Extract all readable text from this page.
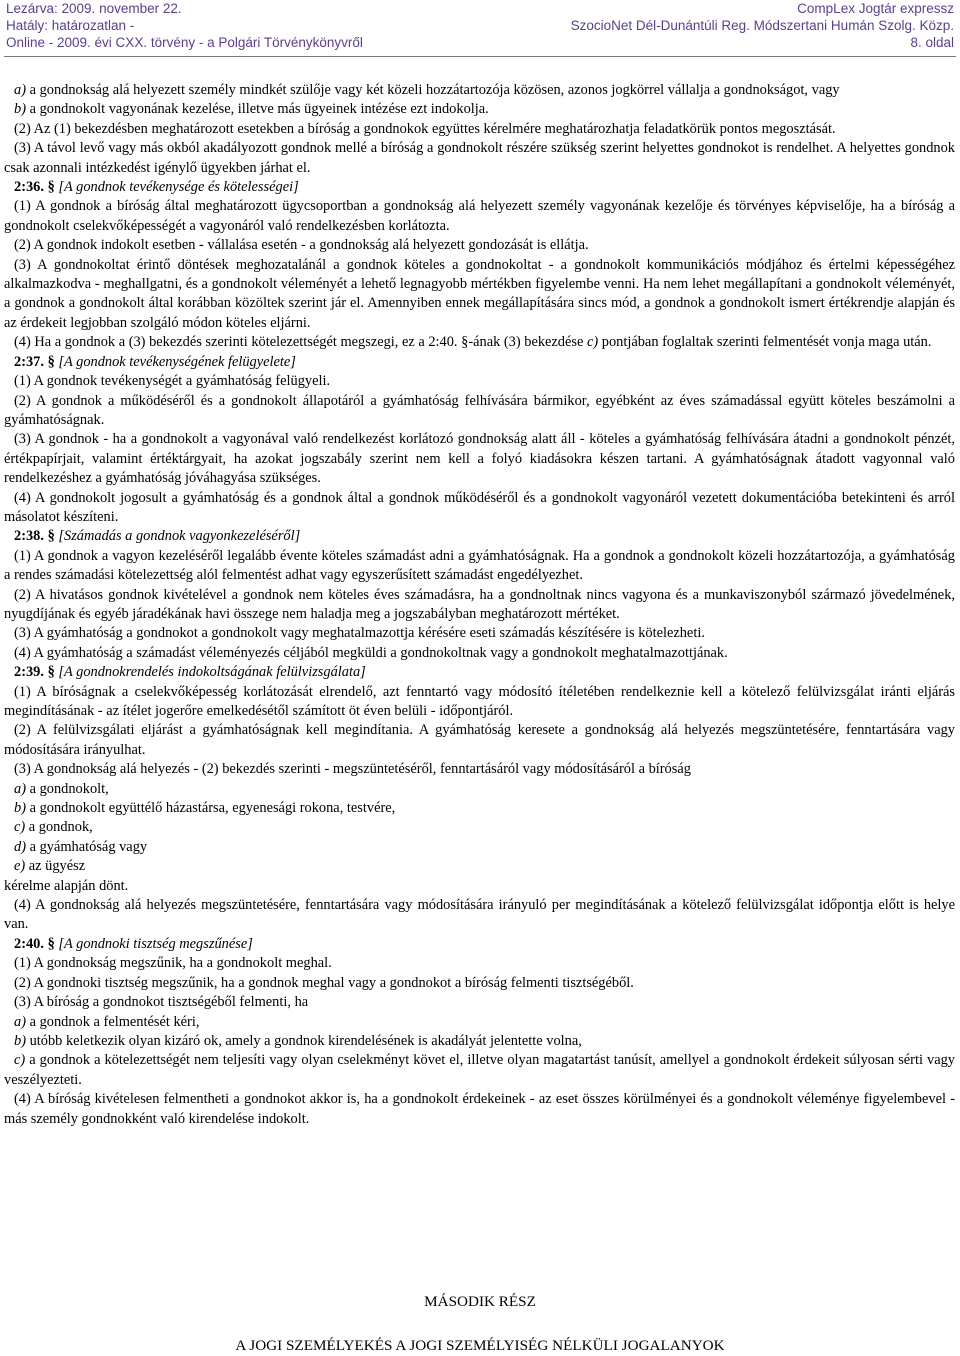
Lezárva: 2009. november 22.
Hatály: határozatlan -
Online - 2009. évi CXX. törvény - a Polgári Törvénykönyvről
CompLex Jogtár expressz
SzocioNet Dél-Dunántúli Reg. Módszertani Humán Szolg. Közp.
8. oldal

a) a gondnokság alá helyezett személy mindkét szülője vagy két közeli hozzátartozója közösen, azonos jogkörrel vállalja a gondnokságot, vagy

b) a gondnokolt vagyonának kezelése, illetve más ügyeinek intézése ezt indokolja.

(2) Az (1) bekezdésben meghatározott esetekben a bíróság a gondnokok együttes kérelmére meghatározhatja feladatkörük pontos megosztását.

(3) A távol levő vagy más okból akadályozott gondnok mellé a bíróság a gondnokolt részére szükség szerint helyettes gondnokot is rendelhet. A helyettes gondnok csak azonnali intézkedést igénylő ügyekben járhat el.

2:36. § [A gondnok tevékenysége és kötelességei]

(1) A gondnok a bíróság által meghatározott ügycsoportban a gondnokság alá helyezett személy vagyonának kezelője és törvényes képviselője, ha a bíróság a gondnokolt cselekvőképességét a vagyonáról való rendelkezésben korlátozta.

(2) A gondnok indokolt esetben - vállalása esetén - a gondnokság alá helyezett gondozását is ellátja.

(3) A gondnokoltat érintő döntések meghozatalánál a gondnok köteles a gondnokoltat - a gondnokolt kommunikációs módjához és értelmi képességéhez alkalmazkodva - meghallgatni, és a gondnokolt véleményét a lehető legnagyobb mértékben figyelembe venni. Ha nem lehet megállapítani a gondnokolt véleményét, a gondnok a gondnokolt által korábban közöltek szerint jár el. Amennyiben ennek megállapítására sincs mód, a gondnok a gondnokolt ismert értékrendje alapján és az érdekeit legjobban szolgáló módon köteles eljárni.

(4) Ha a gondnok a (3) bekezdés szerinti kötelezettségét megszegi, ez a 2:40. §-ának (3) bekezdése c) pontjában foglaltak szerinti felmentését vonja maga után.

2:37. § [A gondnok tevékenységének felügyelete]

(1) A gondnok tevékenységét a gyámhatóság felügyeli.

(2) A gondnok a működéséről és a gondnokolt állapotáról a gyámhatóság felhívására bármikor, egyébként az éves számadással együtt köteles beszámolni a gyámhatóságnak.

(3) A gondnok - ha a gondnokolt a vagyonával való rendelkezést korlátozó gondnokság alatt áll - köteles a gyámhatóság felhívására átadni a gondnokolt pénzét, értékpapírjait, valamint értéktárgyait, ha azokat jogszabály szerint nem kell a folyó kiadásokra készen tartani. A gyámhatóságnak átadott vagyonnal való rendelkezéshez a gyámhatóság jóváhagyása szükséges.

(4) A gondnokolt jogosult a gyámhatóság és a gondnok által a gondnok működéséről és a gondnokolt vagyonáról vezetett dokumentációba betekinteni és arról másolatot készíteni.

2:38. § [Számadás a gondnok vagyonkezeléséről]

(1) A gondnok a vagyon kezeléséről legalább évente köteles számadást adni a gyámhatóságnak. Ha a gondnok a gondnokolt közeli hozzátartozója, a gyámhatóság a rendes számadási kötelezettség alól felmentést adhat vagy egyszerűsített számadást engedélyezhet.

(2) A hivatásos gondnok kivételével a gondnok nem köteles éves számadásra, ha a gondnoltnak nincs vagyona és a munkaviszonyból származó jövedelmének, nyugdíjának és egyéb járadékának havi összege nem haladja meg a jogszabályban meghatározott mértéket.

(3) A gyámhatóság a gondnokot a gondnokolt vagy meghatalmazottja kérésére eseti számadás készítésére is kötelezheti.

(4) A gyámhatóság a számadást véleményezés céljából megküldi a gondnokoltnak vagy a gondnokolt meghatalmazottjának.

2:39. § [A gondnokrendelés indokoltságának felülvizsgálata]

(1) A bíróságnak a cselekvőképesség korlátozását elrendelő, azt fenntartó vagy módosító ítéletében rendelkeznie kell a kötelező felülvizsgálat iránti eljárás megindításának - az ítélet jogerőre emelkedésétől számított öt éven belüli - időpontjáról.

(2) A felülvizsgálati eljárást a gyámhatóságnak kell megindítania. A gyámhatóság keresete a gondnokság alá helyezés megszüntetésére, fenntartására vagy módosítására irányulhat.

(3) A gondnokság alá helyezés - (2) bekezdés szerinti - megszüntetéséről, fenntartásáról vagy módosításáról a bíróság

a) a gondnokolt,

b) a gondnokolt együttélő házastársa, egyenesági rokona, testvére,

c) a gondnok,

d) a gyámhatóság vagy

e) az ügyész

kérelme alapján dönt.

(4) A gondnokság alá helyezés megszüntetésére, fenntartására vagy módosítására irányuló per megindításának a kötelező felülvizsgálat időpontja előtt is helye van.

2:40. § [A gondnoki tisztség megszűnése]

(1) A gondnokság megszűnik, ha a gondnokolt meghal.

(2) A gondnoki tisztség megszűnik, ha a gondnok meghal vagy a gondnokot a bíróság felmenti tisztségéből.

(3) A bíróság a gondnokot tisztségéből felmenti, ha

a) a gondnok a felmentését kéri,

b) utóbb keletkezik olyan kizáró ok, amely a gondnok kirendelésének is akadályát jelentette volna,

c) a gondnok a kötelezettségét nem teljesíti vagy olyan cselekményt követ el, illetve olyan magatartást tanúsít, amellyel a gondnokolt érdekeit súlyosan sérti vagy veszélyezteti.

(4) A bíróság kivételesen felmentheti a gondnokot akkor is, ha a gondnokolt érdekeinek - az eset összes körülményei és a gondnokolt véleménye figyelembevel - más személy gondnokként való kirendelése indokolt.

MÁSODIK RÉSZ
A JOGI SZEMÉLYEKÉS A JOGI SZEMÉLYISÉG NÉLKÜLI JOGALANYOK
